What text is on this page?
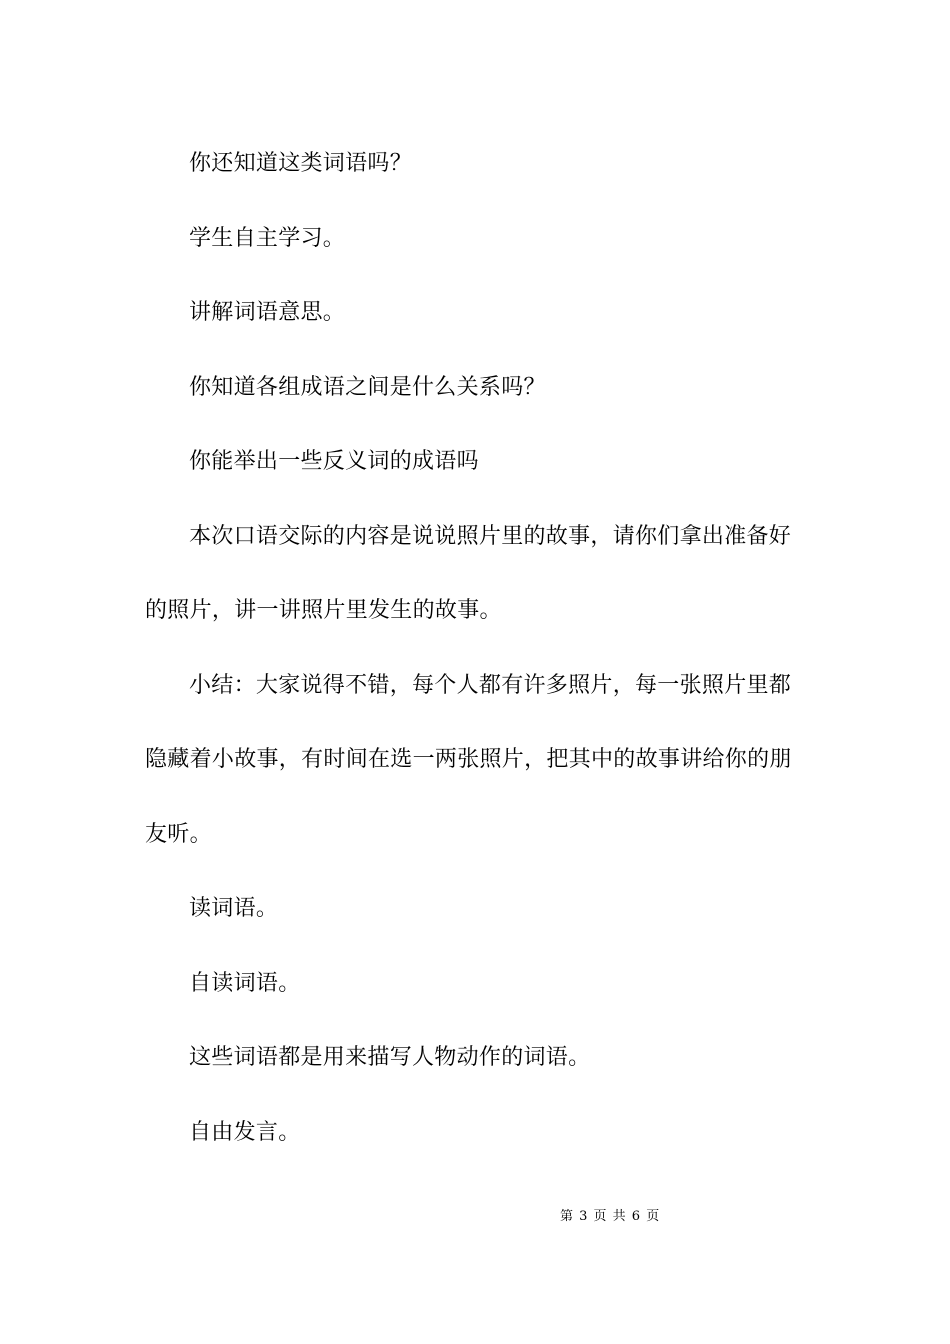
你还知道这类词语吗？

学生自主学习。

讲解词语意思。

你知道各组成语之间是什么关系吗？

你能举出一些反义词的成语吗

本次口语交际的内容是说说照片里的故事，请你们拿出准备好的照片，讲一讲照片里发生的故事。

小结：大家说得不错，每个人都有许多照片，每一张照片里都隐藏着小故事，有时间在选一两张照片，把其中的故事讲给你的朋友听。

读词语。

自读词语。

这些词语都是用来描写人物动作的词语。

自由发言。

第 3 页 共 6 页
